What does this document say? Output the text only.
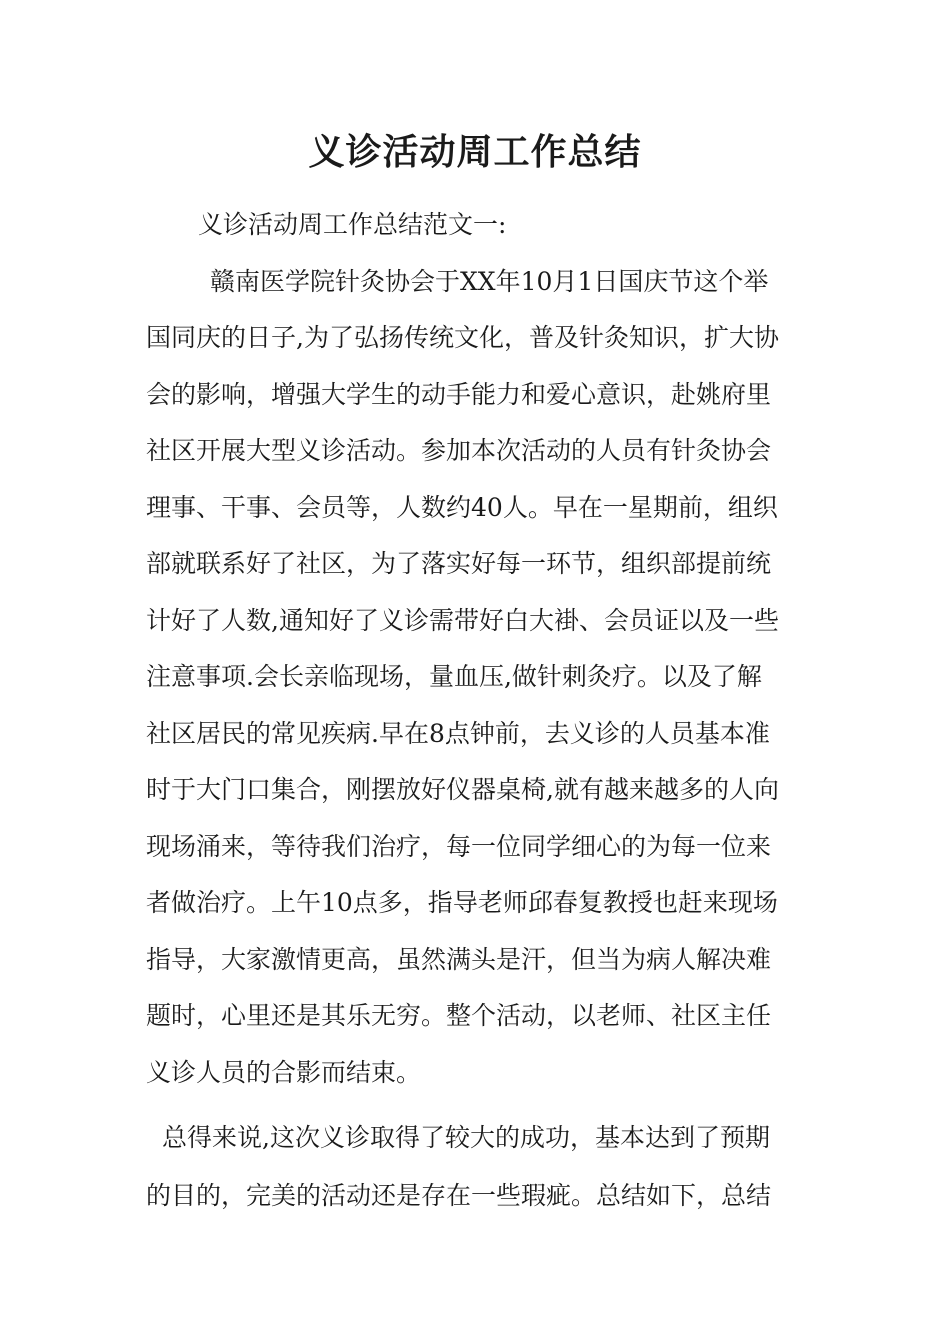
义诊活动周工作总结

义诊活动周工作总结范文一:

赣南医学院针灸协会于XX年10月1日国庆节这个举

国同庆的日子,为了弘扬传统文化，普及针灸知识，扩大协

会的影响，增强大学生的动手能力和爱心意识，赴姚府里

社区开展大型义诊活动。参加本次活动的人员有针灸协会

理事、干事、会员等，人数约40人。早在一星期前，组织

部就联系好了社区，为了落实好每一环节，组织部提前统

计好了人数,通知好了义诊需带好白大褂、会员证以及一些

注意事项.会长亲临现场，量血压,做针刺灸疗。以及了解

社区居民的常见疾病.早在8点钟前，去义诊的人员基本准

时于大门口集合，刚摆放好仪器桌椅,就有越来越多的人向

现场涌来，等待我们治疗，每一位同学细心的为每一位来

者做治疗。上午10点多，指导老师邱春复教授也赶来现场

指导，大家激情更高，虽然满头是汗，但当为病人解决难

题时，心里还是其乐无穷。整个活动，以老师、社区主任

义诊人员的合影而结束。

总得来说,这次义诊取得了较大的成功，基本达到了预期

的目的，完美的活动还是存在一些瑕疵。总结如下，总结
